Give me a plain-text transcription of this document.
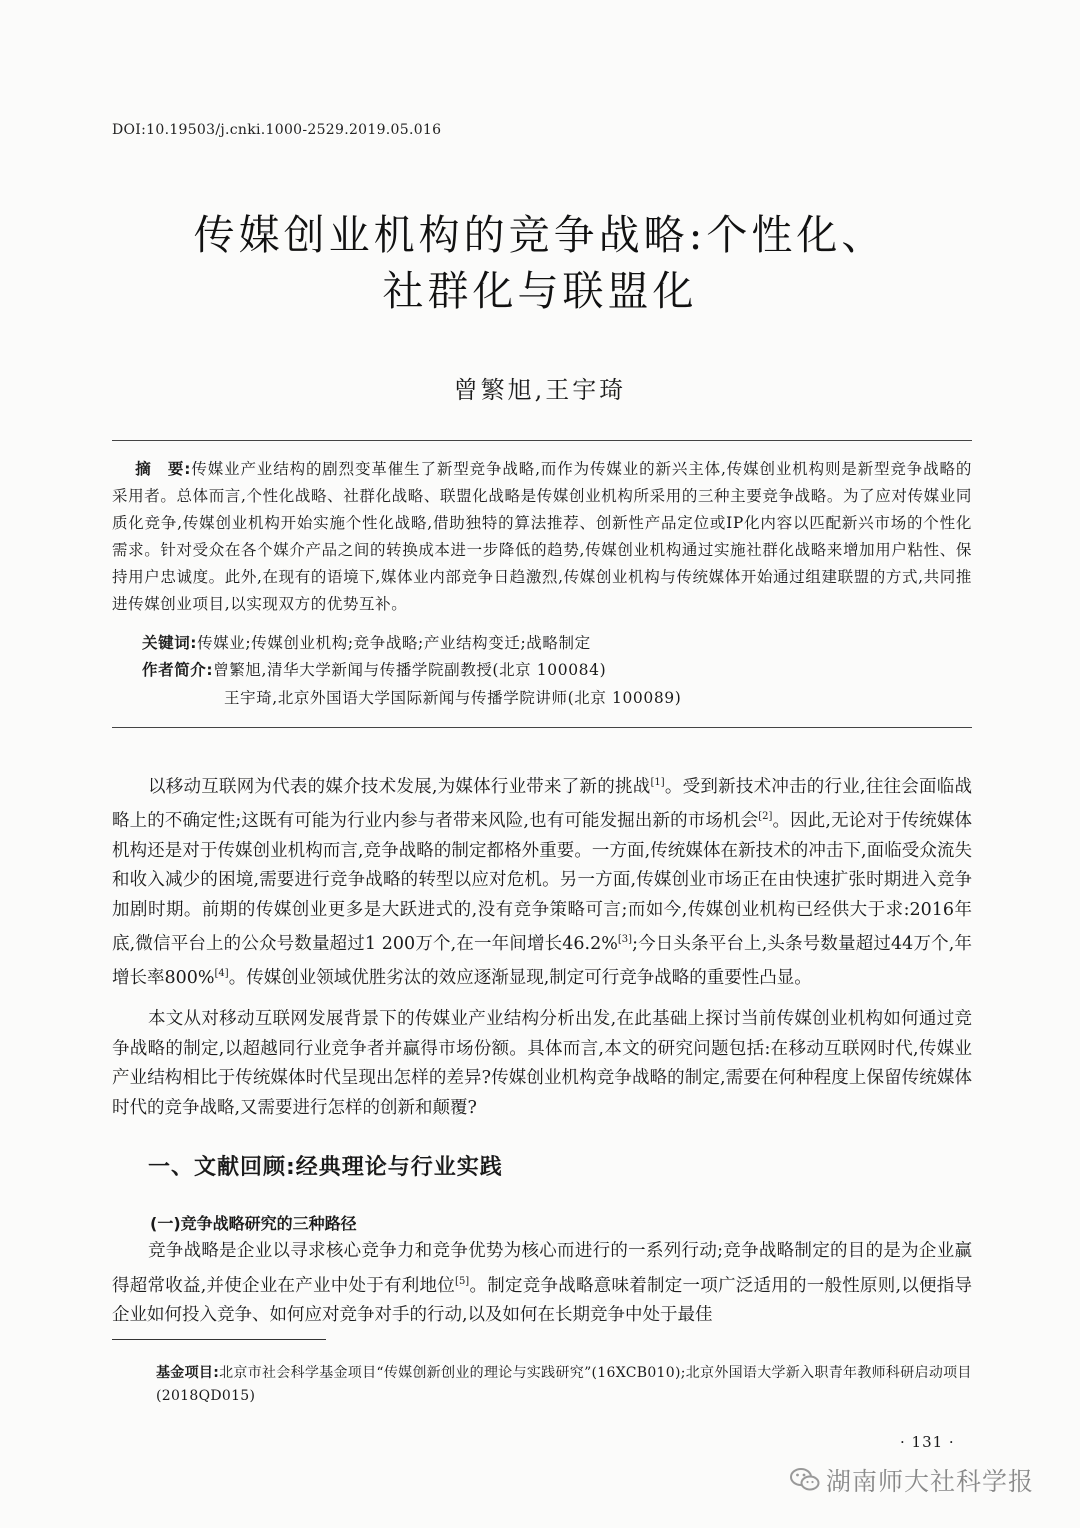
DOI:10.19503/j.cnki.1000-2529.2019.05.016
传媒创业机构的竞争战略:个性化、
社群化与联盟化
曾繁旭,王宇琦

摘　要:传媒业产业结构的剧烈变革催生了新型竞争战略,而作为传媒业的新兴主体,传媒创业机构则是新型竞争战略的采用者。总体而言,个性化战略、社群化战略、联盟化战略是传媒创业机构所采用的三种主要竞争战略。为了应对传媒业同质化竞争,传媒创业机构开始实施个性化战略,借助独特的算法推荐、创新性产品定位或IP化内容以匹配新兴市场的个性化需求。针对受众在各个媒介产品之间的转换成本进一步降低的趋势,传媒创业机构通过实施社群化战略来增加用户粘性、保持用户忠诚度。此外,在现有的语境下,媒体业内部竞争日趋激烈,传媒创业机构与传统媒体开始通过组建联盟的方式,共同推进传媒创业项目,以实现双方的优势互补。

关键词:传媒业;传媒创业机构;竞争战略;产业结构变迁;战略制定
作者简介:曾繁旭,清华大学新闻与传播学院副教授(北京 100084)
王宇琦,北京外国语大学国际新闻与传播学院讲师(北京 100089)

以移动互联网为代表的媒介技术发展,为媒体行业带来了新的挑战[1]。受到新技术冲击的行业,往往会面临战略上的不确定性;这既有可能为行业内参与者带来风险,也有可能发掘出新的市场机会[2]。因此,无论对于传统媒体机构还是对于传媒创业机构而言,竞争战略的制定都格外重要。一方面,传统媒体在新技术的冲击下,面临受众流失和收入减少的困境,需要进行竞争战略的转型以应对危机。另一方面,传媒创业市场正在由快速扩张时期进入竞争加剧时期。前期的传媒创业更多是大跃进式的,没有竞争策略可言;而如今,传媒创业机构已经供大于求:2016年底,微信平台上的公众号数量超过1 200万个,在一年间增长46.2%[3];今日头条平台上,头条号数量超过44万个,年增长率800%[4]。传媒创业领域优胜劣汰的效应逐渐显现,制定可行竞争战略的重要性凸显。

本文从对移动互联网发展背景下的传媒业产业结构分析出发,在此基础上探讨当前传媒创业机构如何通过竞争战略的制定,以超越同行业竞争者并赢得市场份额。具体而言,本文的研究问题包括:在移动互联网时代,传媒业产业结构相比于传统媒体时代呈现出怎样的差异?传媒创业机构竞争战略的制定,需要在何种程度上保留传统媒体时代的竞争战略,又需要进行怎样的创新和颠覆?

一、文献回顾:经典理论与行业实践
(一)竞争战略研究的三种路径

竞争战略是企业以寻求核心竞争力和竞争优势为核心而进行的一系列行动;竞争战略制定的目的是为企业赢得超常收益,并使企业在产业中处于有利地位[5]。制定竞争战略意味着制定一项广泛适用的一般性原则,以便指导企业如何投入竞争、如何应对竞争对手的行动,以及如何在长期竞争中处于最佳

基金项目:北京市社会科学基金项目“传媒创新创业的理论与实践研究”(16XCB010);北京外国语大学新入职青年教师科研启动项目(2018QD015)

· 131 ·
湖南师大社科学报
